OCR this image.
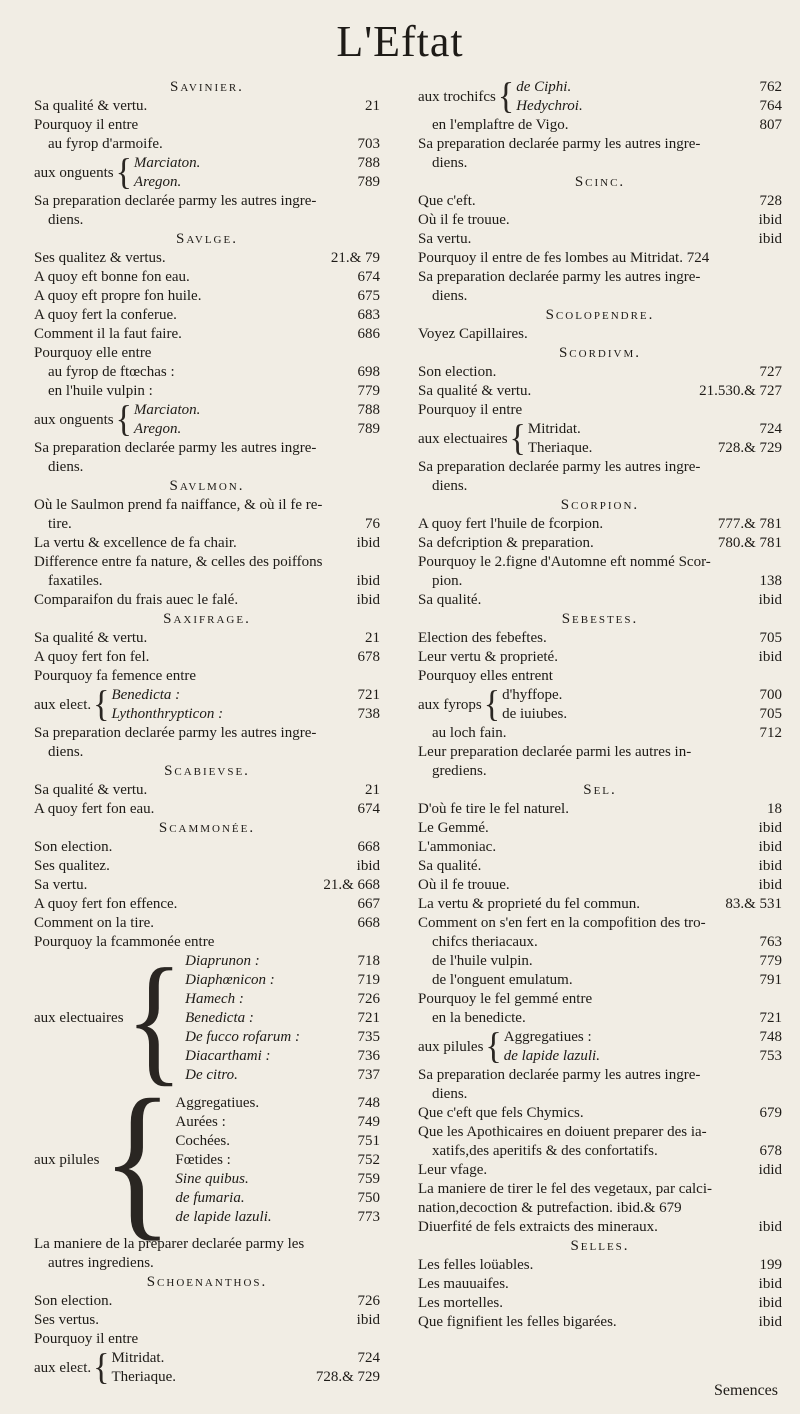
L'Eftat
Savinier.
Sa qualité & vertu.	21
Pourquoy il entre
au fyrop d'armoife.	703
aux onguents { Marciaton.	788
Aregon.	789
Sa preparation declarée parmy les autres ingre-
diens.
Savlge.
Ses qualitez & vertus.	21.& 79
A quoy eft bonne fon eau.	674
A quoy eft propre fon huile.	675
A quoy fert la conferue.	683
Comment il la faut faire.	686
Pourquoy elle entre
au fyrop de ftœchas :	698
en l'huile vulpin :	779
aux onguents { Marciaton.	788
Aregon.	789
Sa preparation declarée parmy les autres ingre-
diens.
Savlmon.
Où le Saulmon prend fa naiffance, & où il fe re-
tire.	76
La vertu & excellence de fa chair.	ibid
Difference entre fa nature, & celles des poiffons
faxatiles.	ibid
Comparaifon du frais auec le falé.	ibid
Saxifrage.
Sa qualité & vertu.	21
A quoy fert fon fel.	678
Pourquoy fa femence entre
aux eleɛt. { Benedicta :	721
Lythonthrypticon :	738
Sa preparation declarée parmy les autres ingre-
diens.
Scabievse.
Sa qualité & vertu.	21
A quoy fert fon eau.	674
Scammonée.
Son election.	668
Ses qualitez.	ibid
Sa vertu.	21.& 668
A quoy fert fon effence.	667
Comment on la tire.	668
Pourquoy la fcammonée entre
aux electuaires { Diaprunon :	718
Diaphœnicon :	719
Hamech :	726
Benedicta :	721
De fucco rofarum :	735
Diacarthami :	736
De citro.	737
aux pilules { Aggregatiues.	748
Aurées :	749
Cochées.	751
Fœtides :	752
Sine quibus.	759
de fumaria.	750
de lapide lazuli.	773
La maniere de la preparer declarée parmy les
autres ingrediens.
Schoenanthos.
Son election.	726
Ses vertus.	ibid
Pourquoy il entre
aux eleɛt. { Mitridat.	724
Theriaque.	728.& 729
aux trochifcs { de Ciphi.	762
Hedychroi.	764
en l'emplaftre de Vigo.	807
Sa preparation declarée parmy les autres ingre-
diens.
Scinc.
Que c'eft.	728
Où il fe trouue.	ibid
Sa vertu.	ibid
Pourquoy il entre de fes lombes au Mitridat. 724
Sa preparation declarée parmy les autres ingre-
diens.
Scolopendre.
Voyez Capillaires.
Scordivm.
Son election.	727
Sa qualité & vertu.	21.530.& 727
Pourquoy il entre
aux electuaires { Mitridat.	724
Theriaque.	728.& 729
Sa preparation declarée parmy les autres ingre-
diens.
Scorpion.
A quoy fert l'huile de fcorpion.	777.& 781
Sa defcription & preparation.	780.& 781
Pourquoy le 2.figne d'Automne eft nommé Scor-
pion.	138
Sa qualité.	ibid
Sebestes.
Election des febeftes.	705
Leur vertu & proprieté.	ibid
Pourquoy elles entrent
aux fyrops { d'hyffope.	700
de iuiubes.	705
au loch fain.	712
Leur preparation declarée parmi les autres in-
grediens.
Sel.
D'où fe tire le fel naturel.	18
Le Gemmé.	ibid
L'ammoniac.	ibid
Sa qualité.	ibid
Où il fe trouue.	ibid
La vertu & proprieté du fel commun.	83.& 531
Comment on s'en fert en la compofition des tro-
chifcs theriacaux.	763
de l'huile vulpin.	779
de l'onguent emulatum.	791
Pourquoy le fel gemmé entre
en la benedicte.	721
aux pilules { Aggregatiues :	748
de lapide lazuli.	753
Sa preparation declarée parmy les autres ingre-
diens.
Que c'eft que fels Chymics.	679
Que les Apothicaires en doiuent preparer des ia-
xatifs,des aperitifs & des confortatifs.	678
Leur vfage.	idid
La maniere de tirer le fel des vegetaux, par calci-
nation,decoction & putrefaction. ibid.& 679
Diuerfité de fels extraicts des mineraux.	ibid
Selles.
Les felles loüables.	199
Les mauuaifes.	ibid
Les mortelles.	ibid
Que fignifient les felles bigarées.	ibid
Semences
